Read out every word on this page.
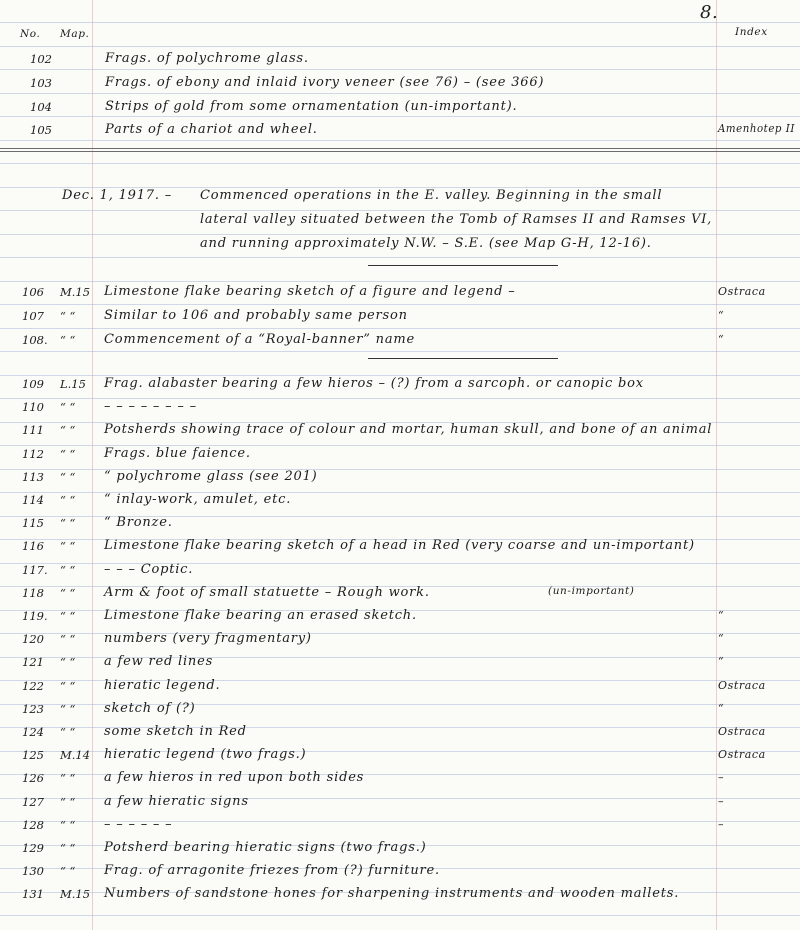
8.
No. Map.	Index
102	Frags. of polychrome glass.
103	Frags. of ebony and inlaid ivory veneer (see 76) – (see 366)
104	Strips of gold from some ornamentation (un-important).
105	Parts of a chariot and wheel.	Amenhotep II
Dec. 1, 1917. – Commenced operations in the E. valley. Beginning in the small
lateral valley situated between the Tomb of Ramses II and Ramses VI,
and running approximately N.W. – S.E. (see Map G-H, 12-16).
106 M.15 Limestone flake bearing sketch of a figure and legend –	Ostraca
107 “ “ Similar to 106 and probably same person	“
108. “ “ Commencement of a “Royal-banner” name	“
109 L.15 Frag. alabaster bearing a few hieros – (?) from a sarcoph. or canopic box
110 “ “ – – – – – – – –
111 “ “ Potsherds showing trace of colour and mortar, human skull, and bone of an animal
112 “ “ Frags. blue faience.
113 “ “ “ polychrome glass (see 201)
114 “ “ “ inlay-work, amulet, etc.
115 “ “ “ Bronze.
116 “ “ Limestone flake bearing sketch of a head in Red (very coarse and un-important)
117. “ “ – – – Coptic.
118 “ “ Arm & foot of small statuette – Rough work.	(un-important)
119. “ “ Limestone flake bearing an erased sketch.	“
120 “ “ numbers (very fragmentary)	“
121 “ “ a few red lines	“
122 “ “ hieratic legend.	Ostraca
123 “ “ sketch of (?)	“
124 “ “ some sketch in Red	Ostraca
125 M.14 hieratic legend (two frags.)	Ostraca
126 “ “ a few hieros in red upon both sides	–
127 “ “ a few hieratic signs	–
128 “ “ – – – – – –	–
129 “ “ Potsherd bearing hieratic signs (two frags.)
130 “ “ Frag. of arragonite friezes from (?) furniture.
131 M.15 Numbers of sandstone hones for sharpening instruments and wooden mallets.
